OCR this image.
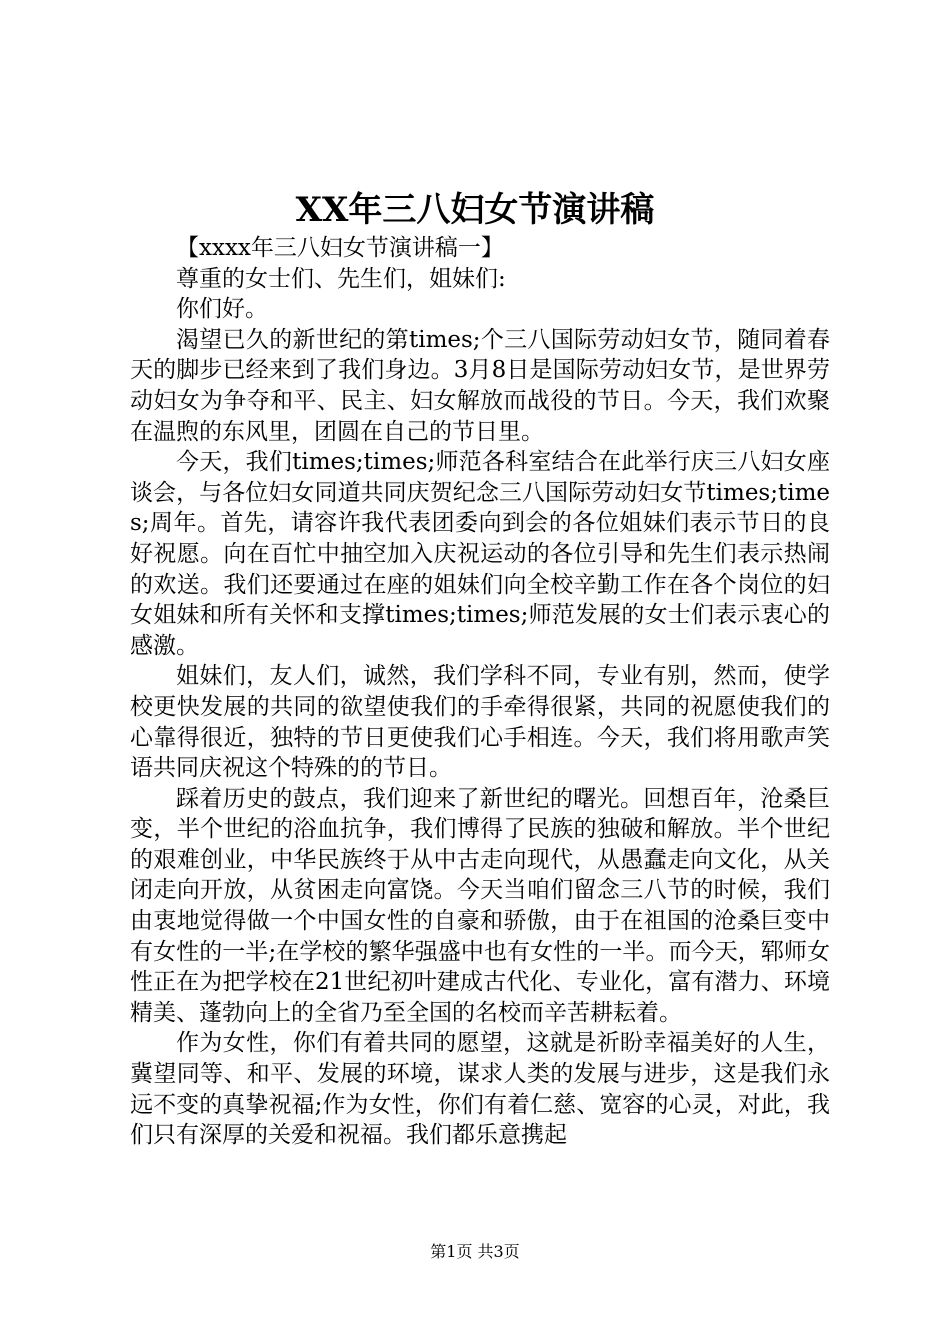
XX年三八妇女节演讲稿

【xxxx年三八妇女节演讲稿一】

尊重的女士们、先生们，姐妹们:

你们好。

渴望已久的新世纪的第times;个三八国际劳动妇女节，随同着春天的脚步已经来到了我们身边。3月8日是国际劳动妇女节，是世界劳动妇女为争夺和平、民主、妇女解放而战役的节日。今天，我们欢聚在温煦的东风里，团圆在自己的节日里。

今天，我们times;times;师范各科室结合在此举行庆三八妇女座谈会，与各位妇女同道共同庆贺纪念三八国际劳动妇女节times;times;周年。首先，请容许我代表团委向到会的各位姐妹们表示节日的良好祝愿。向在百忙中抽空加入庆祝运动的各位引导和先生们表示热闹的欢送。我们还要通过在座的姐妹们向全校辛勤工作在各个岗位的妇女姐妹和所有关怀和支撑times;times;师范发展的女士们表示衷心的感激。

姐妹们，友人们，诚然，我们学科不同，专业有别，然而，使学校更快发展的共同的欲望使我们的手牵得很紧，共同的祝愿使我们的心靠得很近，独特的节日更使我们心手相连。今天，我们将用歌声笑语共同庆祝这个特殊的的节日。

踩着历史的鼓点，我们迎来了新世纪的曙光。回想百年，沧桑巨变，半个世纪的浴血抗争，我们博得了民族的独破和解放。半个世纪的艰难创业，中华民族终于从中古走向现代，从愚蠢走向文化，从关闭走向开放，从贫困走向富饶。今天当咱们留念三八节的时候，我们由衷地觉得做一个中国女性的自豪和骄傲，由于在祖国的沧桑巨变中有女性的一半;在学校的繁华强盛中也有女性的一半。而今天，郓师女性正在为把学校在21世纪初叶建成古代化、专业化，富有潜力、环境精美、蓬勃向上的全省乃至全国的名校而辛苦耕耘着。

作为女性，你们有着共同的愿望，这就是祈盼幸福美好的人生，冀望同等、和平、发展的环境，谋求人类的发展与进步，这是我们永远不变的真挚祝福;作为女性，你们有着仁慈、宽容的心灵，对此，我们只有深厚的关爱和祝福。我们都乐意携起

第1页 共3页
